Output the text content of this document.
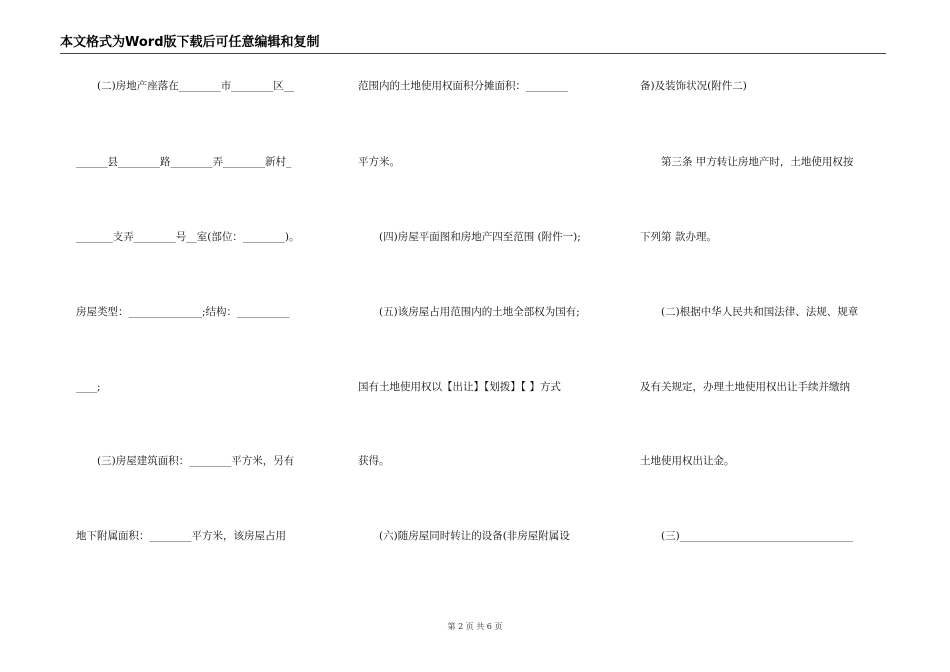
本文格式为Word版下载后可任意编辑和复制
　　(二)房地产座落在________市________区__
______县________路________弄________新村_
_______支弄________号__室(部位：________)。
房屋类型：______________;结构：__________
____;
　　(三)房屋建筑面积：________平方米，另有
地下附属面积：________平方米，该房屋占用
范围内的土地使用权面积分摊面积：________
平方米。
　　(四)房屋平面图和房地产四至范围 (附件一);
　　(五)该房屋占用范围内的土地全部权为国有;
国有土地使用权以【出让】【划拨】【 】方式
获得。
　　(六)随房屋同时转让的设备(非房屋附属设
备)及装饰状况(附件二)
　　第三条 甲方转让房地产时，土地使用权按
下列第 款办理。
　　(二)根据中华人民共和国法律、法规、规章
及有关规定，办理土地使用权出让手续并缴纳
土地使用权出让金。
　　(三)_________________________________
第 2 页 共 6 页
